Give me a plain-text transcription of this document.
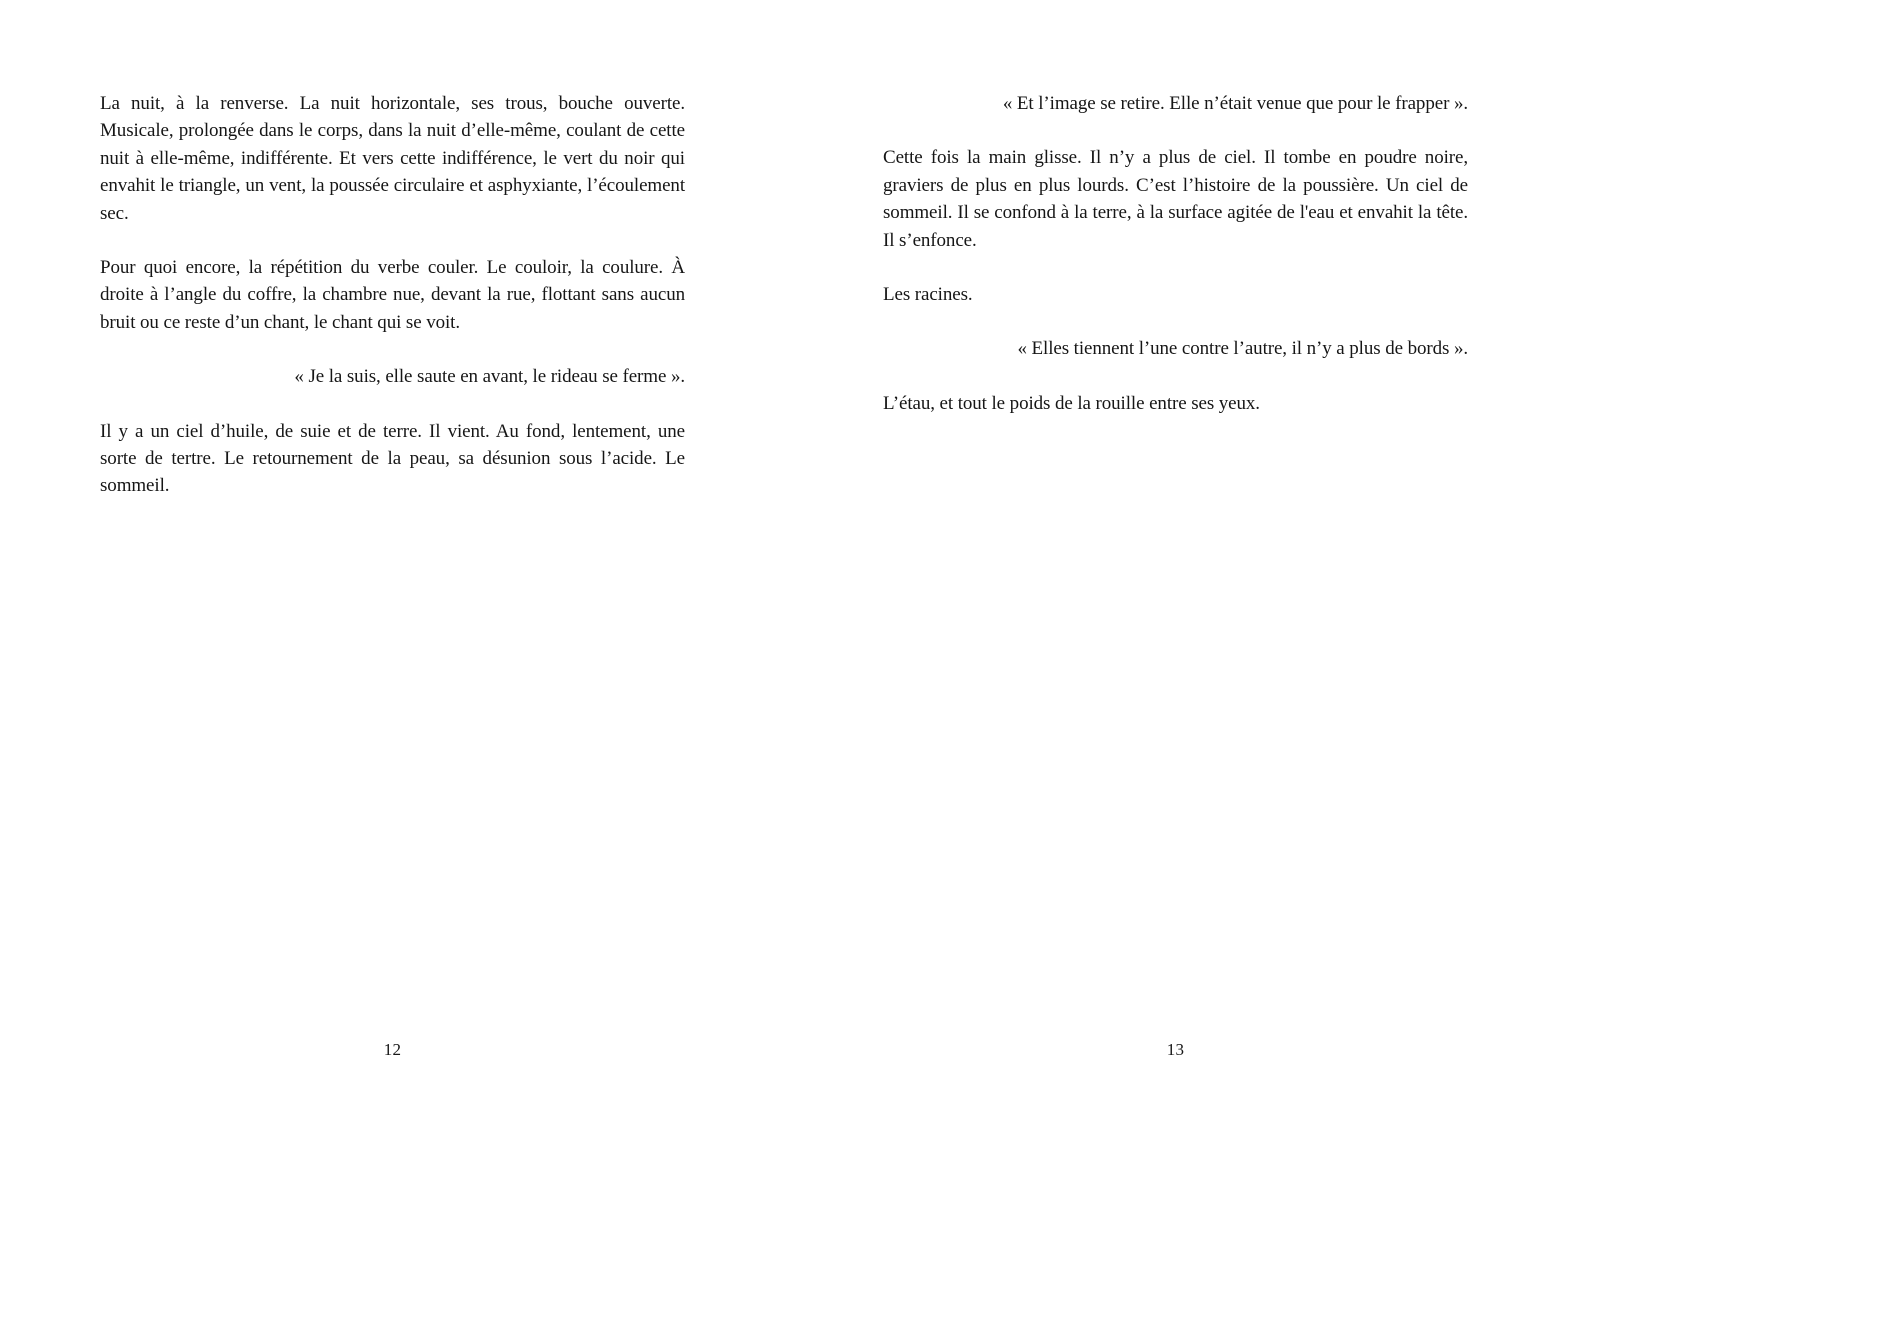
La nuit, à la renverse. La nuit horizontale, ses trous, bouche ouverte. Musicale, prolongée dans le corps, dans la nuit d’elle-même, coulant de cette nuit à elle-même, indifférente. Et vers cette indifférence, le vert du noir qui envahit le triangle, un vent, la poussée circulaire et asphyxiante, l’écoulement sec.
Pour quoi encore, la répétition du verbe couler. Le couloir, la coulure. À droite à l’angle du coffre, la chambre nue, devant la rue, flottant sans aucun bruit ou ce reste d’un chant, le chant qui se voit.
« Je la suis, elle saute en avant, le rideau se ferme ».
Il y a un ciel d’huile, de suie et de terre. Il vient. Au fond, lentement, une sorte de tertre. Le retournement de la peau, sa désunion sous l’acide. Le sommeil.
12
« Et l’image se retire. Elle n’était venue que pour le frapper ».
Cette fois la main glisse. Il n’y a plus de ciel. Il tombe en poudre noire, graviers de plus en plus lourds. C’est l’histoire de la poussière. Un ciel de sommeil. Il se confond à la terre, à la surface agitée de l'eau et envahit la tête. Il s’enfonce.
Les racines.
« Elles tiennent l’une contre l’autre, il n’y a plus de bords ».
L’étau, et tout le poids de la rouille entre ses yeux.
13
